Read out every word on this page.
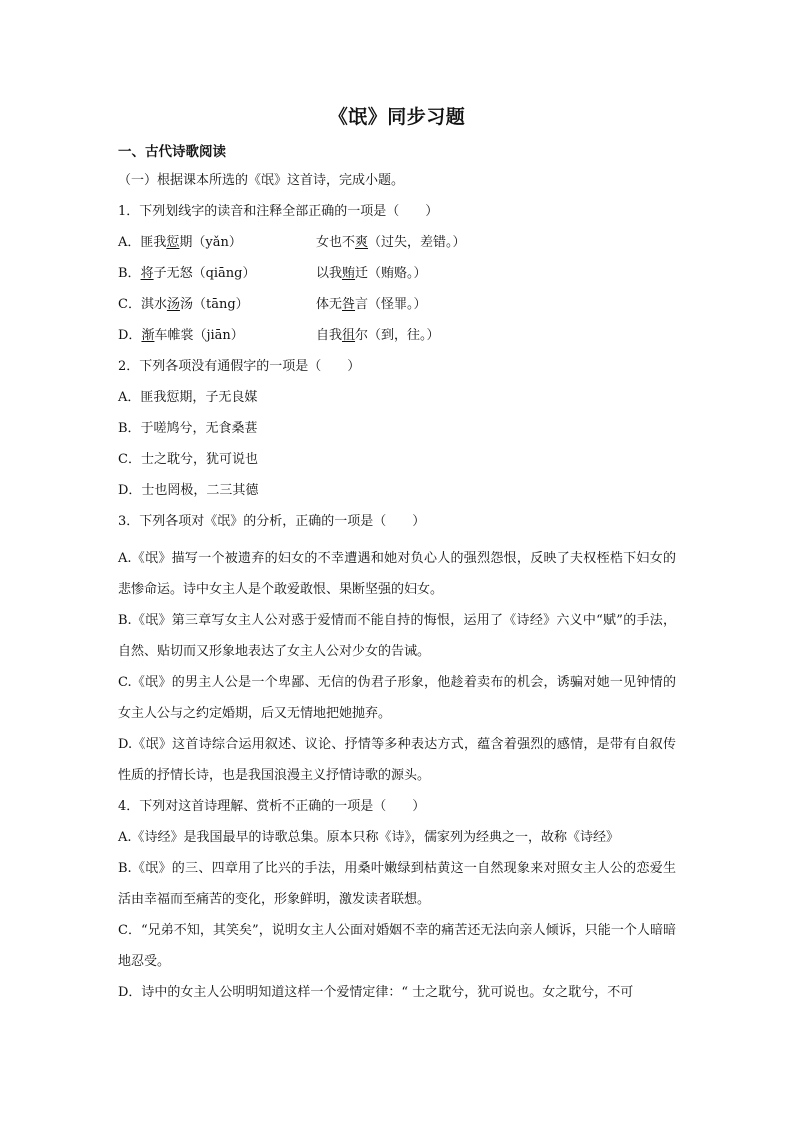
《氓》同步习题
一、古代诗歌阅读
（一）根据课本所选的《氓》这首诗，完成小题。
1．下列划线字的读音和注释全部正确的一项是（　　）
A．匪我愆期（yǎn）	女也不爽（过失，差错。）
B．将子无怒（qiāng）	以我贿迁（贿赂。）
C．淇水汤汤（tāng）	体无咎言（怪罪。）
D．渐车帷裳（jiān）	自我徂尔（到，往。）
2．下列各项没有通假字的一项是（　　）
A．匪我愆期，子无良媒
B．于嗟鸠兮，无食桑葚
C．士之耽兮，犹可说也
D．士也罔极，二三其德
3．下列各项对《氓》的分析，正确的一项是（　　）
A.《氓》描写一个被遗弃的妇女的不幸遭遇和她对负心人的强烈怨恨，反映了夫权桎梏下妇女的悲惨命运。诗中女主人是个敢爱敢恨、果断坚强的妇女。
B.《氓》第三章写女主人公对惑于爱情而不能自持的悔恨，运用了《诗经》六义中“赋”的手法，自然、贴切而又形象地表达了女主人公对少女的告诫。
C.《氓》的男主人公是一个卑鄙、无信的伪君子形象，他趁着卖布的机会，诱骗对她一见钟情的女主人公与之约定婚期，后又无情地把她抛弃。
D.《氓》这首诗综合运用叙述、议论、抒情等多种表达方式，蕴含着强烈的感情，是带有自叙传性质的抒情长诗，也是我国浪漫主义抒情诗歌的源头。
4．下列对这首诗理解、赏析不正确的一项是（　　）
A.《诗经》是我国最早的诗歌总集。原本只称《诗》，儒家列为经典之一，故称《诗经》
B.《氓》的三、四章用了比兴的手法，用桑叶嫩绿到枯黄这一自然现象来对照女主人公的恋爱生活由幸福而至痛苦的变化，形象鲜明，激发读者联想。
C．“兄弟不知，其笑矣”，说明女主人公面对婚姻不幸的痛苦还无法向亲人倾诉，只能一个人暗暗地忍受。
D．诗中的女主人公明明知道这样一个爱情定律：“ 士之耽兮，犹可说也。女之耽兮，不可
